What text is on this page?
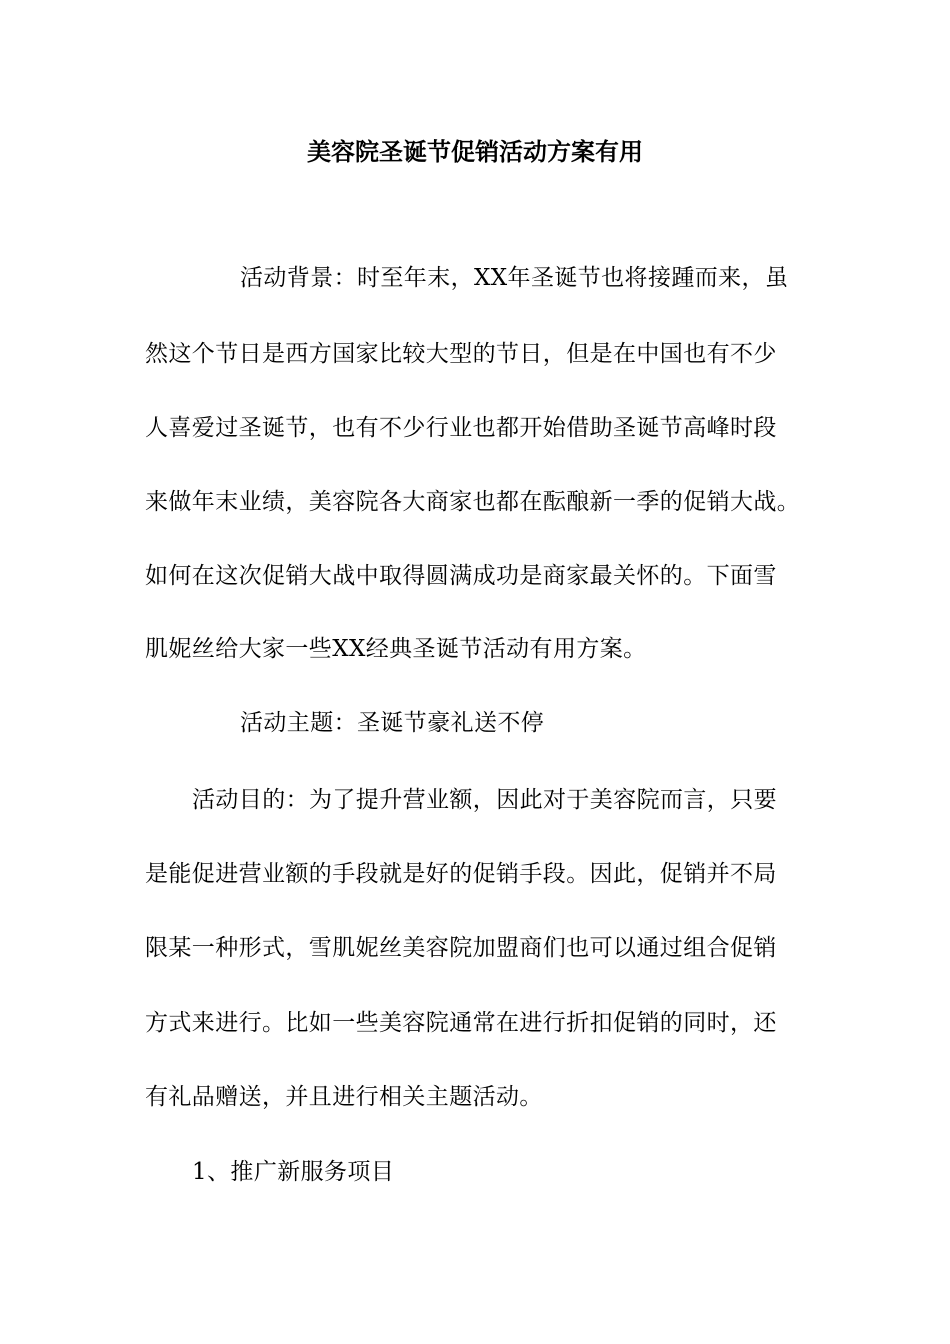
美容院圣诞节促销活动方案有用
活动背景：时至年末，XX年圣诞节也将接踵而来，虽
然这个节日是西方国家比较大型的节日，但是在中国也有不少
人喜爱过圣诞节，也有不少行业也都开始借助圣诞节高峰时段
来做年末业绩，美容院各大商家也都在酝酿新一季的促销大战。
如何在这次促销大战中取得圆满成功是商家最关怀的。下面雪
肌妮丝给大家一些XX经典圣诞节活动有用方案。
活动主题：圣诞节豪礼送不停
活动目的：为了提升营业额，因此对于美容院而言，只要
是能促进营业额的手段就是好的促销手段。因此，促销并不局
限某一种形式，雪肌妮丝美容院加盟商们也可以通过组合促销
方式来进行。比如一些美容院通常在进行折扣促销的同时，还
有礼品赠送，并且进行相关主题活动。
1、推广新服务项目
